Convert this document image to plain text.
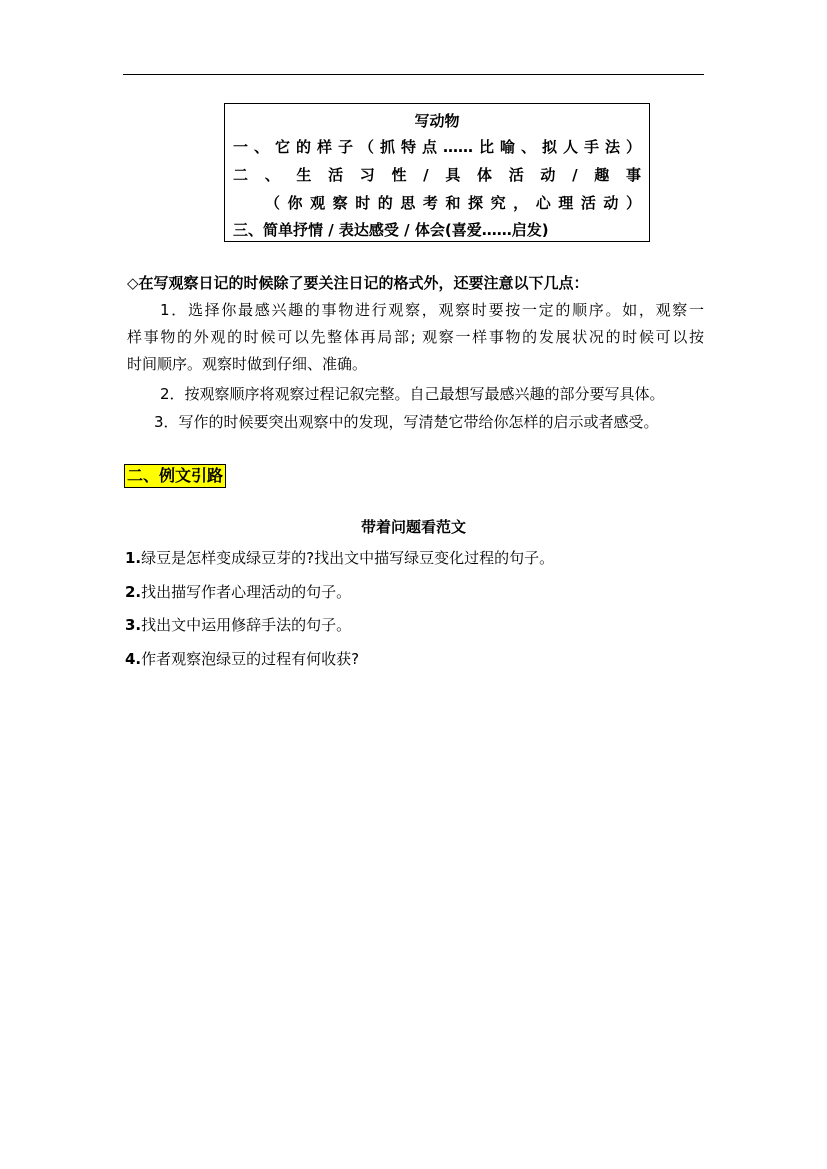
写动物
一、它的样子（抓特点……比喻、拟人手法）
二、生活习性/具体活动/趣事
（你观察时的思考和探究，心理活动）
三、简单抒情 / 表达感受 / 体会(喜爱……启发)
◇在写观察日记的时候除了要关注日记的格式外，还要注意以下几点：
1．选择你最感兴趣的事物进行观察，观察时要按一定的顺序。如，观察一
样事物的外观的时候可以先整体再局部; 观察一样事物的发展状况的时候可以按
时间顺序。观察时做到仔细、准确。
2．按观察顺序将观察过程记叙完整。自己最想写最感兴趣的部分要写具体。
3．写作的时候要突出观察中的发现，写清楚它带给你怎样的启示或者感受。
二、例文引路
带着问题看范文
1.绿豆是怎样变成绿豆芽的?找出文中描写绿豆变化过程的句子。
2.找出描写作者心理活动的句子。
3.找出文中运用修辞手法的句子。
4.作者观察泡绿豆的过程有何收获?
